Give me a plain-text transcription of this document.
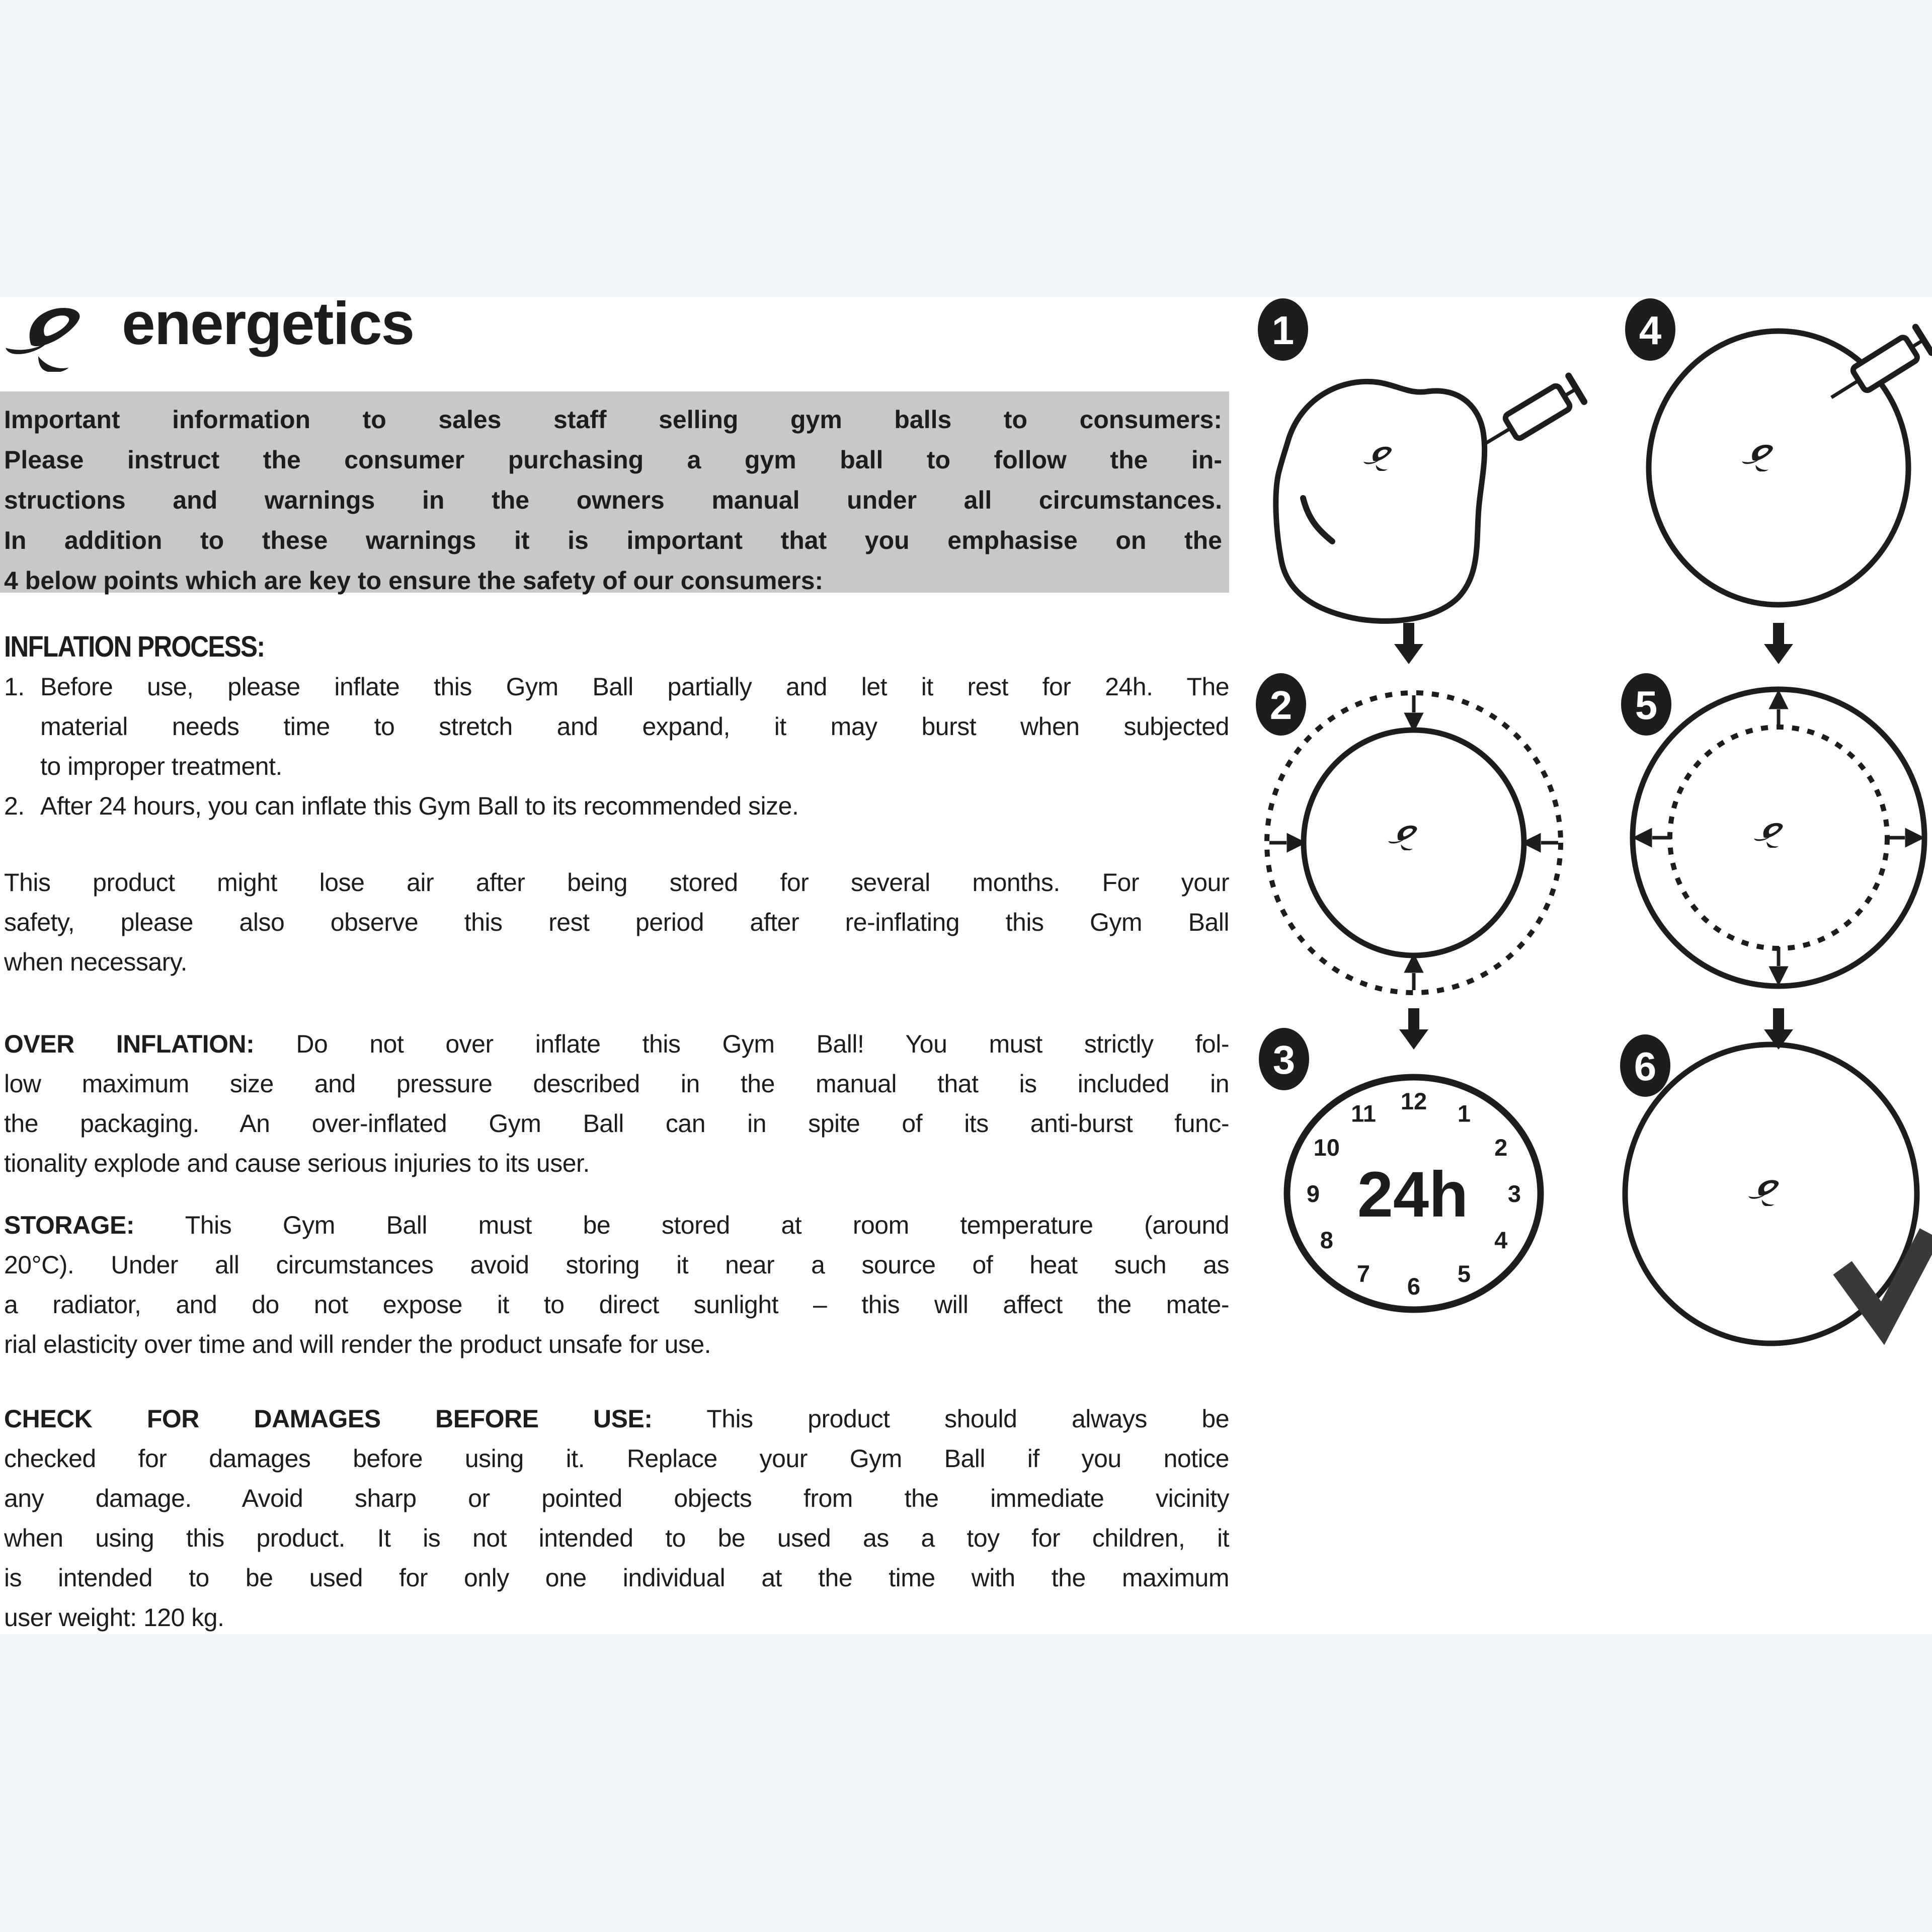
energetics
Important information to sales staff selling gym balls to consumers:
Please instruct the consumer purchasing a gym ball to follow the in-
structions and warnings in the owners manual under all circumstances.
In addition to these warnings it is important that you emphasise on the
4 below points which are key to ensure the safety of our consumers:
INFLATION PROCESS:
1. Before use, please inflate this Gym Ball partially and let it rest for 24h. The
material needs time to stretch and expand, it may burst when subjected
to improper treatment.
2. After 24 hours, you can inflate this Gym Ball to its recommended size.
This product might lose air after being stored for several months. For your
safety, please also observe this rest period after re-inflating this Gym Ball
when necessary.
OVER INFLATION: Do not over inflate this Gym Ball! You must strictly fol-
low maximum size and pressure described in the manual that is included in
the packaging. An over-inflated Gym Ball can in spite of its anti-burst func-
tionality explode and cause serious injuries to its user.
STORAGE: This Gym Ball must be stored at room temperature (around
20°C). Under all circumstances avoid storing it near a source of heat such as
a radiator, and do not expose it to direct sunlight – this will affect the mate-
rial elasticity over time and will render the product unsafe for use.
CHECK FOR DAMAGES BEFORE USE: This product should always be
checked for damages before using it. Replace your Gym Ball if you notice
any damage. Avoid sharp or pointed objects from the immediate vicinity
when using this product. It is not intended to be used as a toy for children, it
is intended to be used for only one individual at the time with the maximum
user weight: 120 kg.
12 1
2
3
4
5
6
7
8
9
10
11
24h
1
2
3
4
5
6
